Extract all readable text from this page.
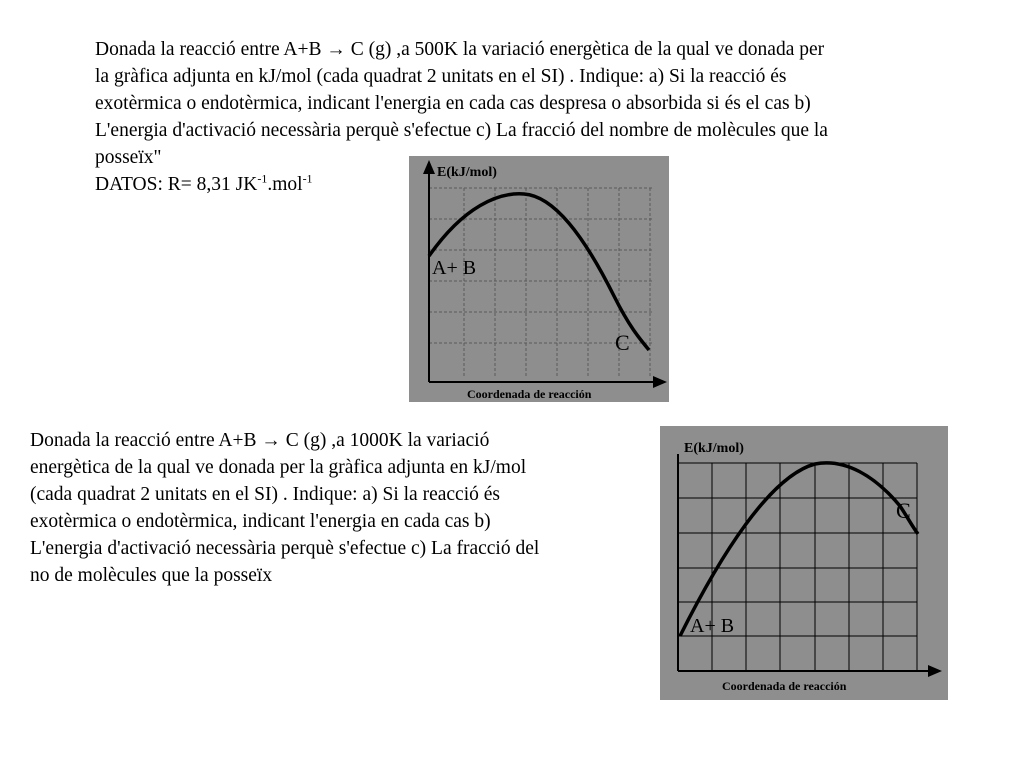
Donada la reacció entre A+B → C (g) ,a 500K la variació energètica de la qual ve donada per
la gràfica adjunta en kJ/mol (cada quadrat 2 unitats en el SI) . Indique: a) Si la reacció és
exotèrmica o endotèrmica, indicant l'energia en cada cas despresa o absorbida si és el cas b)
L'energia d'activació necessària perquè s'efectue c) La fracció del nombre de molècules que la
posseïx"
DATOS: R= 8,31 $JK^{-1}.mol^{-1}$
Donada la reacció entre A+B → C (g) ,a 1000K la variació
energètica de la qual ve donada per la gràfica adjunta en kJ/mol
(cada quadrat 2 unitats en el SI) . Indique: a) Si la reacció és
exotèrmica o endotèrmica, indicant l'energia en cada cas b)
L'energia d'activació necessària perquè s'efectue c) La fracció del
no de molècules que la posseïx
E(kJ/mol)
A+ B
C
Coordenada de reacción
E(kJ/mol)
A+ B
C
Coordenada de reacción
